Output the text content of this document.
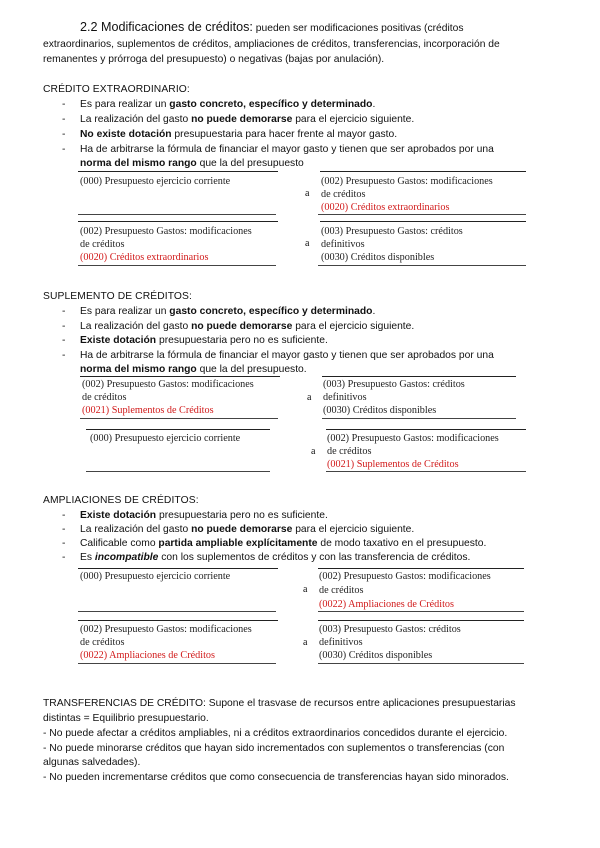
2.2 Modificaciones de créditos: pueden ser modificaciones positivas (créditos
extraordinarios, suplementos de créditos, ampliaciones de créditos, transferencias, incorporación de
remanentes y prórroga del presupuesto) o negativas (bajas por anulación).
CRÉDITO EXTRAORDINARIO:
-	Es para realizar un gasto concreto, específico y determinado.
-	La realización del gasto no puede demorarse para el ejercicio siguiente.
-	No existe dotación presupuestaria para hacer frente al mayor gasto.
-	Ha de arbitrarse la fórmula de financiar el mayor gasto y tienen que ser aprobados por una
norma del mismo rango que la del presupuesto
(000) Presupuesto ejercicio corriente
a
(002) Presupuesto Gastos: modificaciones
de créditos
(0020) Créditos extraordinarios
(002) Presupuesto Gastos: modificaciones
de créditos
(0020) Créditos extraordinarios
a
(003) Presupuesto Gastos: créditos
definitivos
(0030) Créditos disponibles
SUPLEMENTO DE CRÉDITOS:
-	Es para realizar un gasto concreto, específico y determinado.
-	La realización del gasto no puede demorarse para el ejercicio siguiente.
-	Existe dotación presupuestaria pero no es suficiente.
-	Ha de arbitrarse la fórmula de financiar el mayor gasto y tienen que ser aprobados por una
norma del mismo rango que la del presupuesto.
(002) Presupuesto Gastos: modificaciones
de créditos
(0021) Suplementos de Créditos
a
(003) Presupuesto Gastos: créditos
definitivos
(0030) Créditos disponibles
(000) Presupuesto ejercicio corriente
a
(002) Presupuesto Gastos: modificaciones
de créditos
(0021) Suplementos de Créditos
AMPLIACIONES DE CRÉDITOS:
-	Existe dotación presupuestaria pero no es suficiente.
-	La realización del gasto no puede demorarse para el ejercicio siguiente.
-	Calificable como partida ampliable explícitamente de modo taxativo en el presupuesto.
-	Es incompatible con los suplementos de créditos y con las transferencia de créditos.
(000) Presupuesto ejercicio corriente
a
(002) Presupuesto Gastos: modificaciones
de créditos
(0022) Ampliaciones de Créditos
(002) Presupuesto Gastos: modificaciones
de créditos
(0022) Ampliaciones de Créditos
a
(003) Presupuesto Gastos: créditos
definitivos
(0030) Créditos disponibles
TRANSFERENCIAS DE CRÉDITO: Supone el trasvase de recursos entre aplicaciones presupuestarias
distintas = Equilibrio presupuestario.
- No puede afectar a créditos ampliables, ni a créditos extraordinarios concedidos durante el ejercicio.
- No puede minorarse créditos que hayan sido incrementados con suplementos o transferencias (con
algunas salvedades).
- No pueden incrementarse créditos que como consecuencia de transferencias hayan sido minorados.
